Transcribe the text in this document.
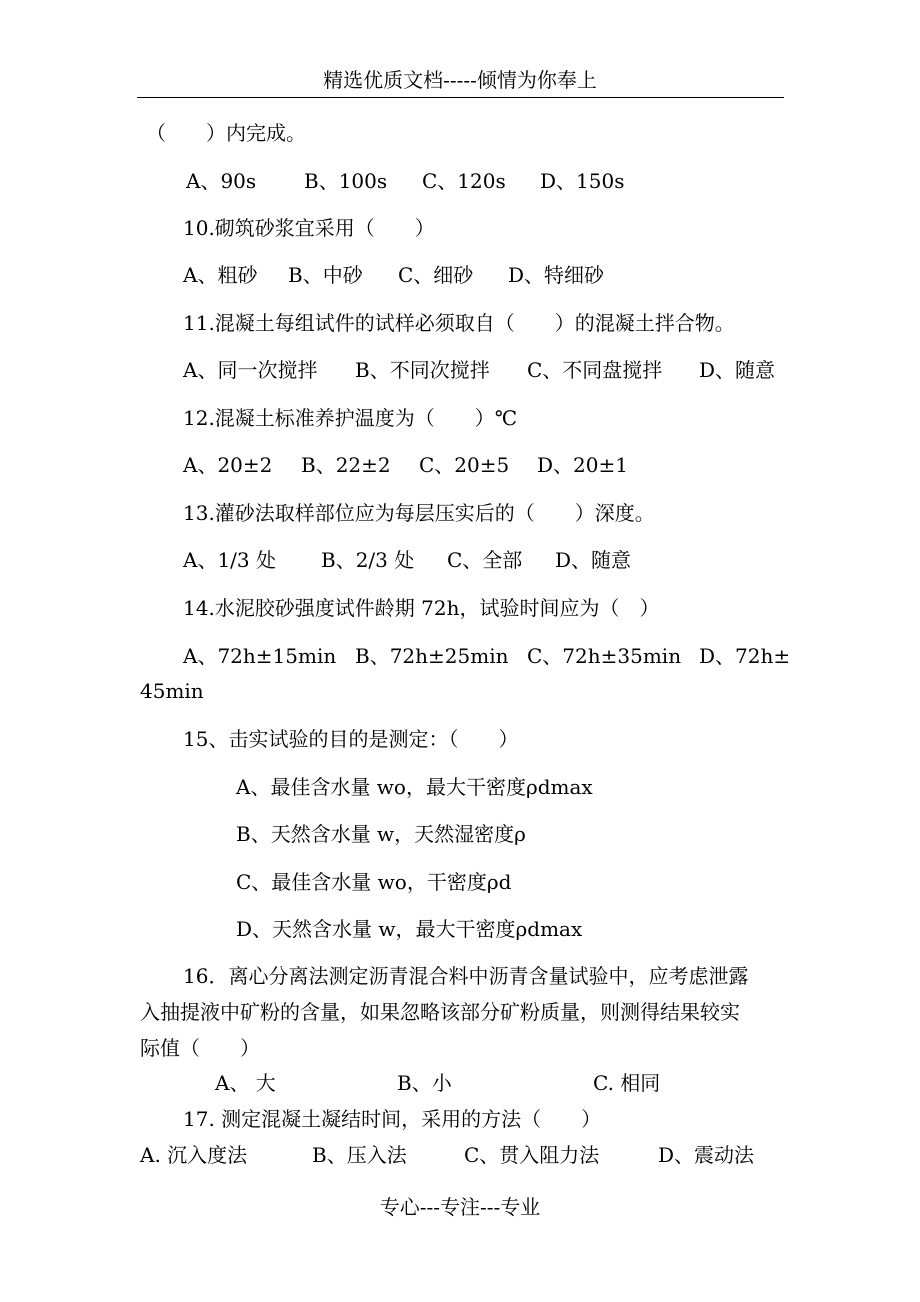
精选优质文档-----倾情为你奉上
（　　）内完成。
A、90s B、100s C、120s D、150s
10.砌筑砂浆宜采用（　　）
A、粗砂 B、中砂 C、细砂 D、特细砂
11.混凝土每组试件的试样必须取自（　　）的混凝土拌合物。
A、同一次搅拌 B、不同次搅拌 C、不同盘搅拌 D、随意
12.混凝土标准养护温度为（　　）℃
A、20±2 B、22±2 C、20±5 D、20±1
13.灌砂法取样部位应为每层压实后的（　　）深度。
A、1/3 处 B、2/3 处 C、全部 D、随意
14.水泥胶砂强度试件龄期 72h，试验时间应为（　）
A、72h±15min B、72h±25min C、72h±35min D、72h±
45min
15、击实试验的目的是测定：（　　）
A、最佳含水量 wo，最大干密度ρdmax
B、天然含水量 w，天然湿密度ρ
C、最佳含水量 wo，干密度ρd
D、天然含水量 w，最大干密度ρdmax
16．离心分离法测定沥青混合料中沥青含量试验中，应考虑泄露
入抽提液中矿粉的含量，如果忽略该部分矿粉质量，则测得结果较实
际值（　　）
A、 大	B、小	C. 相同
17. 测定混凝土凝结时间，采用的方法（　　）
A. 沉入度法	B、压入法	C、贯入阻力法	D、震动法
专心---专注---专业
